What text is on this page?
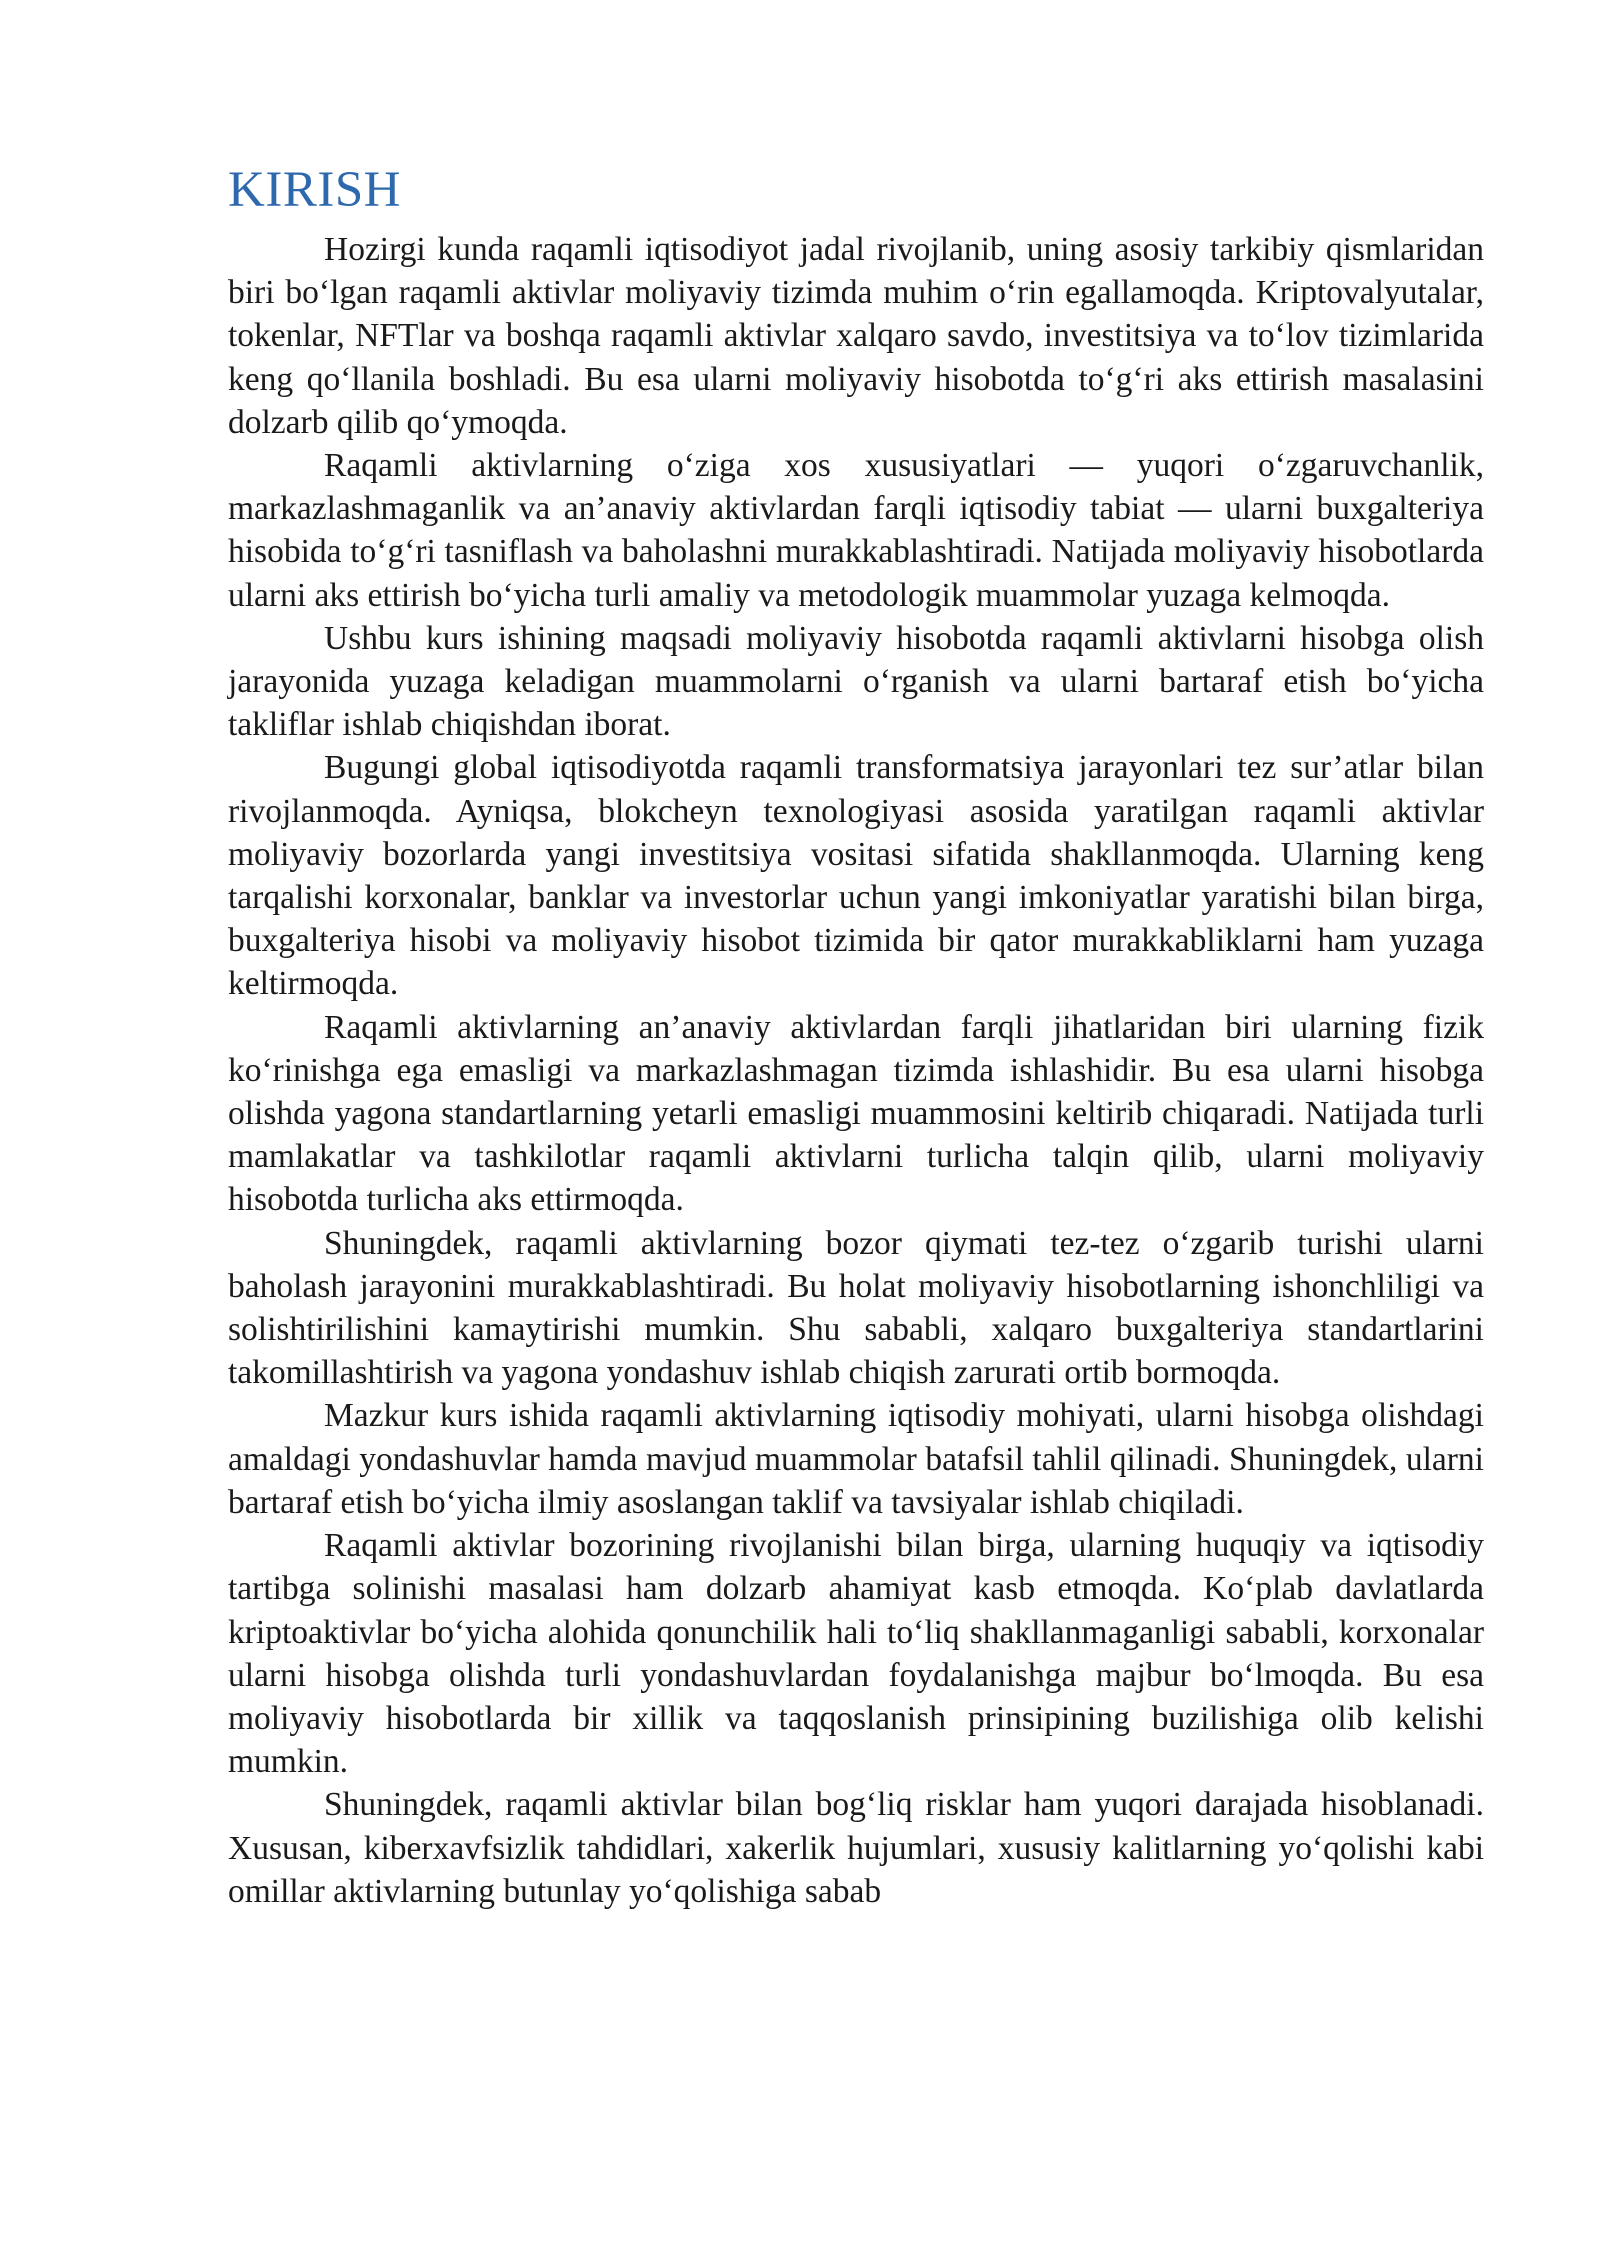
KIRISH

Hozirgi kunda raqamli iqtisodiyot jadal rivojlanib, uning asosiy tarkibiy qismlaridan biri bo‘lgan raqamli aktivlar moliyaviy tizimda muhim o‘rin egallamoqda. Kriptovalyutalar, tokenlar, NFTlar va boshqa raqamli aktivlar xalqaro savdo, investitsiya va to‘lov tizimlarida keng qo‘llanila boshladi. Bu esa ularni moliyaviy hisobotda to‘g‘ri aks ettirish masalasini dolzarb qilib qo‘ymoqda.

Raqamli aktivlarning o‘ziga xos xususiyatlari — yuqori o‘zgaruvchanlik, markazlashmaganlik va an’anaviy aktivlardan farqli iqtisodiy tabiat — ularni buxgalteriya hisobida to‘g‘ri tasniflash va baholashni murakkablashtiradi. Natijada moliyaviy hisobotlarda ularni aks ettirish bo‘yicha turli amaliy va metodologik muammolar yuzaga kelmoqda.

Ushbu kurs ishining maqsadi moliyaviy hisobotda raqamli aktivlarni hisobga olish jarayonida yuzaga keladigan muammolarni o‘rganish va ularni bartaraf etish bo‘yicha takliflar ishlab chiqishdan iborat.

Bugungi global iqtisodiyotda raqamli transformatsiya jarayonlari tez sur’atlar bilan rivojlanmoqda. Ayniqsa, blokcheyn texnologiyasi asosida yaratilgan raqamli aktivlar moliyaviy bozorlarda yangi investitsiya vositasi sifatida shakllanmoqda. Ularning keng tarqalishi korxonalar, banklar va investorlar uchun yangi imkoniyatlar yaratishi bilan birga, buxgalteriya hisobi va moliyaviy hisobot tizimida bir qator murakkabliklarni ham yuzaga keltirmoqda.

Raqamli aktivlarning an’anaviy aktivlardan farqli jihatlaridan biri ularning fizik ko‘rinishga ega emasligi va markazlashmagan tizimda ishlashidir. Bu esa ularni hisobga olishda yagona standartlarning yetarli emasligi muammosini keltirib chiqaradi. Natijada turli mamlakatlar va tashkilotlar raqamli aktivlarni turlicha talqin qilib, ularni moliyaviy hisobotda turlicha aks ettirmoqda.

Shuningdek, raqamli aktivlarning bozor qiymati tez-tez o‘zgarib turishi ularni baholash jarayonini murakkablashtiradi. Bu holat moliyaviy hisobotlarning ishonchliligi va solishtirilishini kamaytirishi mumkin. Shu sababli, xalqaro buxgalteriya standartlarini takomillashtirish va yagona yondashuv ishlab chiqish zarurati ortib bormoqda.

Mazkur kurs ishida raqamli aktivlarning iqtisodiy mohiyati, ularni hisobga olishdagi amaldagi yondashuvlar hamda mavjud muammolar batafsil tahlil qilinadi. Shuningdek, ularni bartaraf etish bo‘yicha ilmiy asoslangan taklif va tavsiyalar ishlab chiqiladi.

Raqamli aktivlar bozorining rivojlanishi bilan birga, ularning huquqiy va iqtisodiy tartibga solinishi masalasi ham dolzarb ahamiyat kasb etmoqda. Ko‘plab davlatlarda kriptoaktivlar bo‘yicha alohida qonunchilik hali to‘liq shakllanmaganligi sababli, korxonalar ularni hisobga olishda turli yondashuvlardan foydalanishga majbur bo‘lmoqda. Bu esa moliyaviy hisobotlarda bir xillik va taqqoslanish prinsipining buzilishiga olib kelishi mumkin.

Shuningdek, raqamli aktivlar bilan bog‘liq risklar ham yuqori darajada hisoblanadi. Xususan, kiberxavfsizlik tahdidlari, xakerlik hujumlari, xususiy kalitlarning yo‘qolishi kabi omillar aktivlarning butunlay yo‘qolishiga sabab
